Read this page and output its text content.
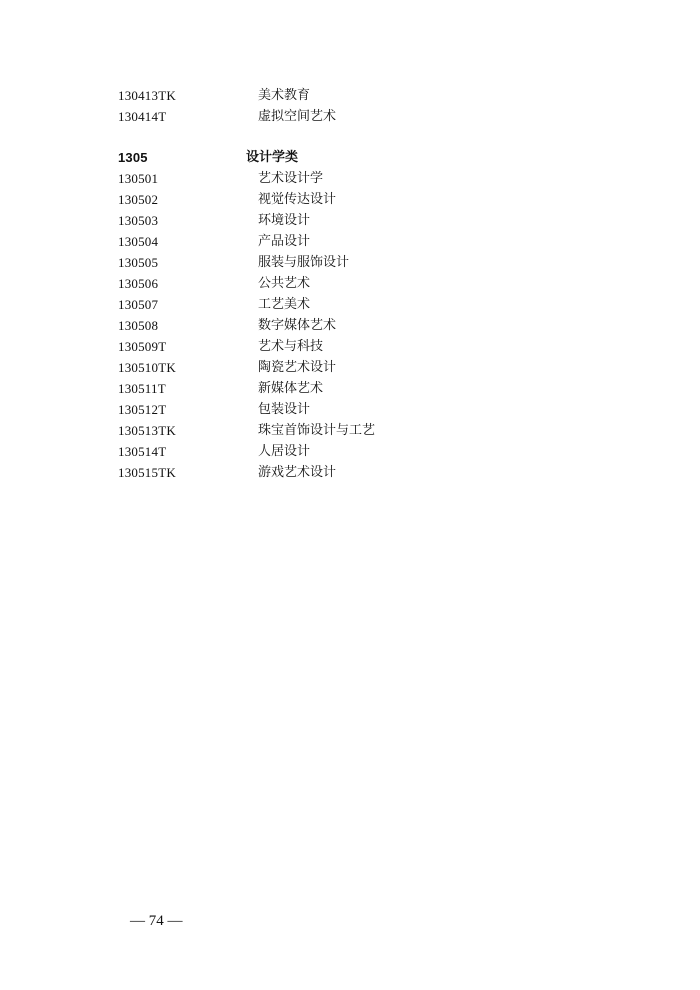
130413TK	美术教育
130414T	虚拟空间艺术
1305	设计学类
130501	艺术设计学
130502	视觉传达设计
130503	环境设计
130504	产品设计
130505	服装与服饰设计
130506	公共艺术
130507	工艺美术
130508	数字媒体艺术
130509T	艺术与科技
130510TK	陶瓷艺术设计
130511T	新媒体艺术
130512T	包装设计
130513TK	珠宝首饰设计与工艺
130514T	人居设计
130515TK	游戏艺术设计
— 74 —
